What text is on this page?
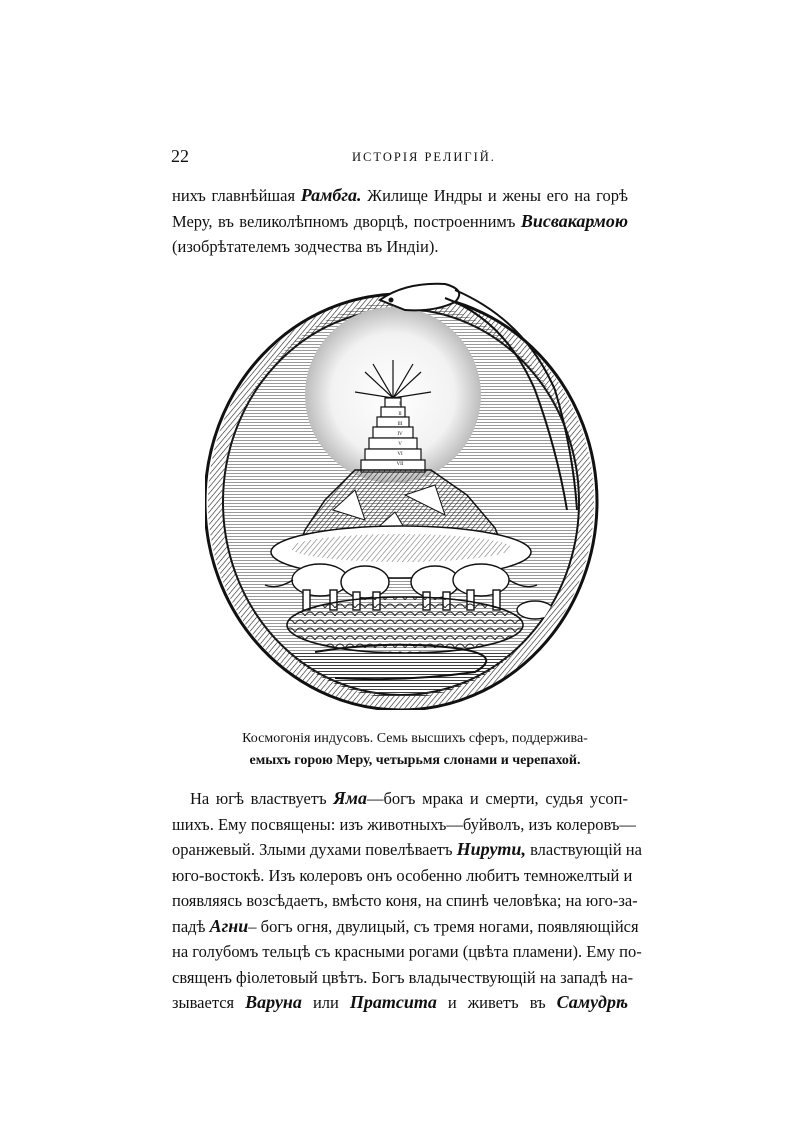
22	ИСТОРІЯ РЕЛИГІЙ.
нихъ главнѣйшая Рамбга. Жилище Индры и жены его на горѣ
Меру, въ великолѣпномъ дворцѣ, построеннимъ Висвакармою
(изобрѣтателемъ зодчества въ Индіи).
Космогонія индусовъ. Семь высшихъ сферъ, поддержива-
емыхъ горою Меру, четырьмя слонами и черепахой.
На югѣ властвуетъ Яма—богъ мрака и смерти, судья усоп-
шихъ. Ему посвящены: изъ животныхъ—буйволъ, изъ колеровъ—
оранжевый. Злыми духами повелѣваетъ Нирути, властвующій на
юго-востокѣ. Изъ колеровъ онъ особенно любитъ темножелтый и
появляясь возсѣдаетъ, вмѣсто коня, на спинѣ человѣка; на юго-за-
падѣ Агни– богъ огня, двулицый, съ тремя ногами, появляющійся
на голубомъ тельцѣ съ красными рогами (цвѣта пламени). Ему по-
священъ фіолетовый цвѣтъ. Богъ владычествующій на западѣ на-
зывается Варуна или Пратсита и живетъ въ Самудрѣ
I
II
III
IV
V
VI
VII
